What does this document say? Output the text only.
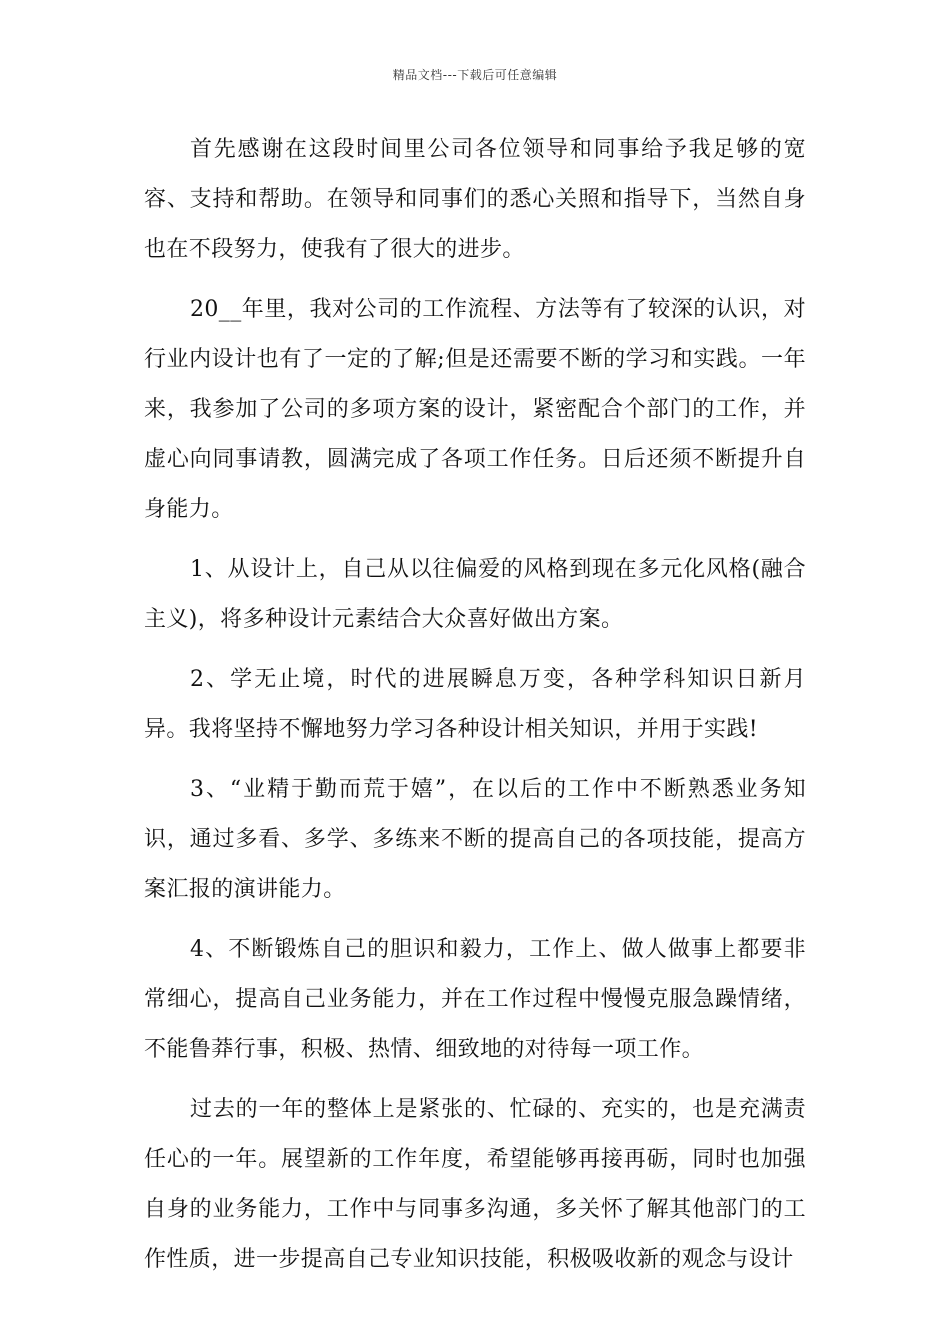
精品文档---下载后可任意编辑

首先感谢在这段时间里公司各位领导和同事给予我足够的宽容、支持和帮助。在领导和同事们的悉心关照和指导下，当然自身也在不段努力，使我有了很大的进步。

20__年里，我对公司的工作流程、方法等有了较深的认识，对行业内设计也有了一定的了解;但是还需要不断的学习和实践。一年来，我参加了公司的多项方案的设计，紧密配合个部门的工作，并虚心向同事请教，圆满完成了各项工作任务。日后还须不断提升自身能力。

1、从设计上，自己从以往偏爱的风格到现在多元化风格(融合主义)，将多种设计元素结合大众喜好做出方案。

2、学无止境，时代的进展瞬息万变，各种学科知识日新月异。我将坚持不懈地努力学习各种设计相关知识，并用于实践!

3、“业精于勤而荒于嬉”，在以后的工作中不断熟悉业务知识，通过多看、多学、多练来不断的提高自己的各项技能，提高方案汇报的演讲能力。

4、不断锻炼自己的胆识和毅力，工作上、做人做事上都要非常细心，提高自己业务能力，并在工作过程中慢慢克服急躁情绪，不能鲁莽行事，积极、热情、细致地的对待每一项工作。

过去的一年的整体上是紧张的、忙碌的、充实的，也是充满责任心的一年。展望新的工作年度，希望能够再接再砺，同时也加强自身的业务能力，工作中与同事多沟通，多关怀了解其他部门的工作性质，进一步提高自己专业知识技能，积极吸收新的观念与设计
